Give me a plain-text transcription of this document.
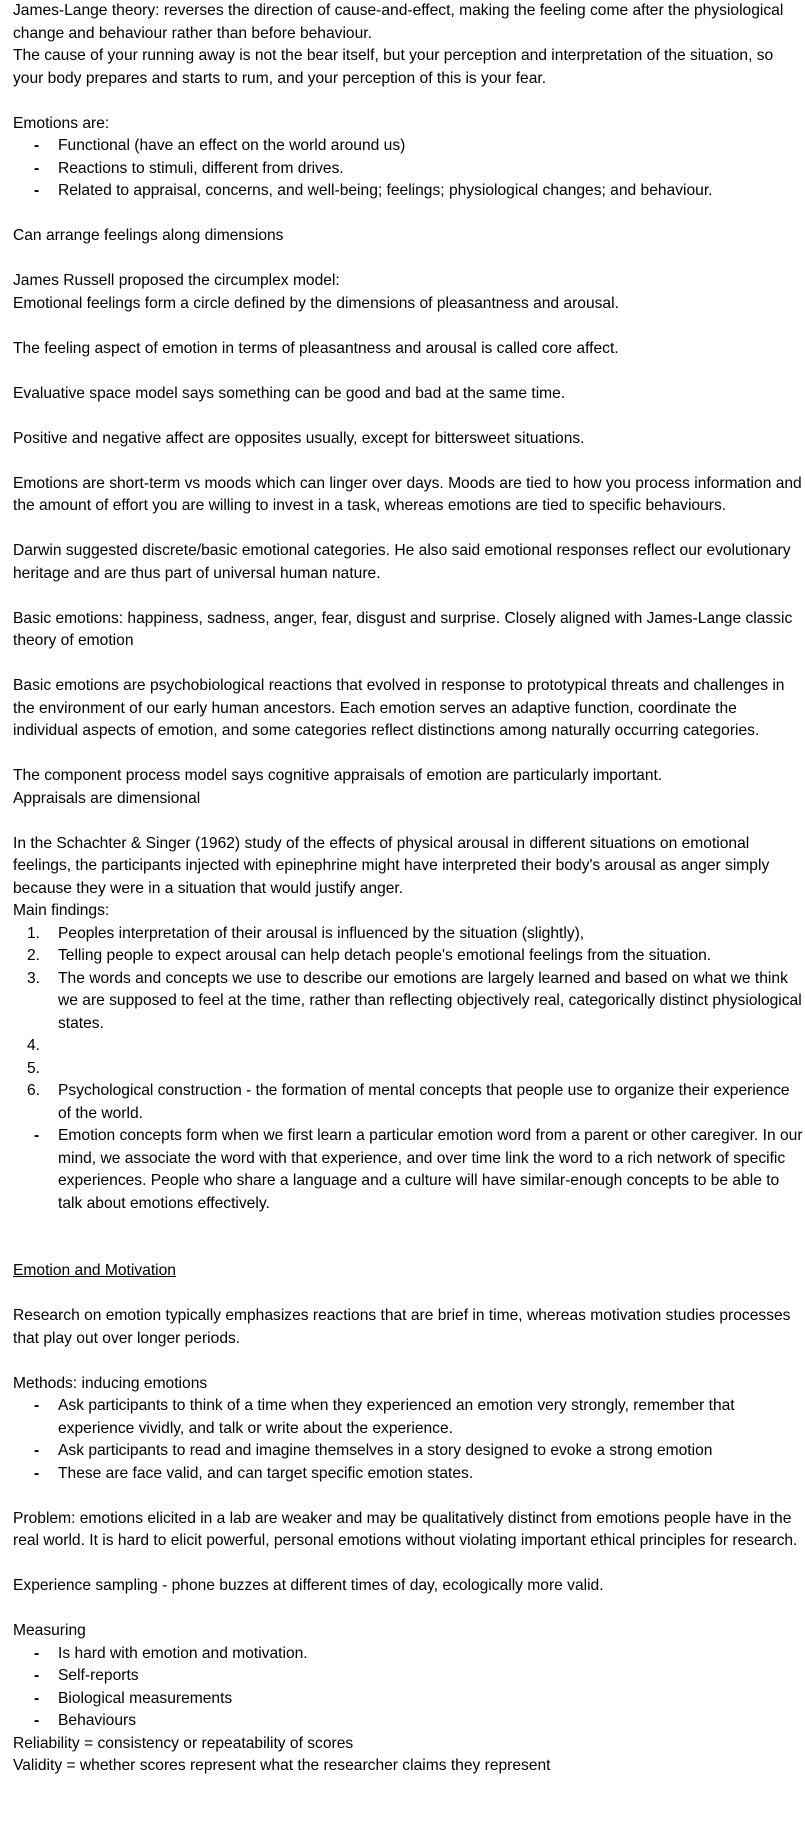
James-Lange theory: reverses the direction of cause-and-effect, making the feeling come after the physiological change and behaviour rather than before behaviour.

The cause of your running away is not the bear itself, but your perception and interpretation of the situation, so your body prepares and starts to rum, and your perception of this is your fear.

Emotions are:

-	Functional (have an effect on the world around us)
-	Reactions to stimuli, different from drives.
-	Related to appraisal, concerns, and well-being; feelings; physiological changes; and behaviour.

Can arrange feelings along dimensions

James Russell proposed the circumplex model:

Emotional feelings form a circle defined by the dimensions of pleasantness and arousal.

The feeling aspect of emotion in terms of pleasantness and arousal is called core affect.

Evaluative space model says something can be good and bad at the same time.

Positive and negative affect are opposites usually, except for bittersweet situations.

Emotions are short-term vs moods which can linger over days. Moods are tied to how you process information and the amount of effort you are willing to invest in a task, whereas emotions are tied to specific behaviours.

Darwin suggested discrete/basic emotional categories. He also said emotional responses reflect our evolutionary heritage and are thus part of universal human nature.

Basic emotions: happiness, sadness, anger, fear, disgust and surprise. Closely aligned with James-Lange classic theory of emotion

Basic emotions are psychobiological reactions that evolved in response to prototypical threats and challenges in the environment of our early human ancestors. Each emotion serves an adaptive function, coordinate the individual aspects of emotion, and some categories reflect distinctions among naturally occurring categories.

The component process model says cognitive appraisals of emotion are particularly important.

Appraisals are dimensional

In the Schachter & Singer (1962) study of the effects of physical arousal in different situations on emotional feelings, the participants injected with epinephrine might have interpreted their body's arousal as anger simply because they were in a situation that would justify anger.

Main findings:

1.	Peoples interpretation of their arousal is influenced by the situation (slightly),
2.	Telling people to expect arousal can help detach people's emotional feelings from the situation.
3.	The words and concepts we use to describe our emotions are largely learned and based on what we think we are supposed to feel at the time, rather than reflecting objectively real, categorically distinct physiological states.
4.
5.
6.	Psychological construction - the formation of mental concepts that people use to organize their experience of the world.
-	Emotion concepts form when we first learn a particular emotion word from a parent or other caregiver. In our mind, we associate the word with that experience, and over time link the word to a rich network of specific experiences. People who share a language and a culture will have similar-enough concepts to be able to talk about emotions effectively.

Emotion and Motivation

Research on emotion typically emphasizes reactions that are brief in time, whereas motivation studies processes that play out over longer periods.

Methods: inducing emotions

-	Ask participants to think of a time when they experienced an emotion very strongly, remember that experience vividly, and talk or write about the experience.
-	Ask participants to read and imagine themselves in a story designed to evoke a strong emotion
-	These are face valid, and can target specific emotion states.

Problem: emotions elicited in a lab are weaker and may be qualitatively distinct from emotions people have in the real world. It is hard to elicit powerful, personal emotions without violating important ethical principles for research.

Experience sampling - phone buzzes at different times of day, ecologically more valid.

Measuring

-	Is hard with emotion and motivation.
-	Self-reports
-	Biological measurements
-	Behaviours

Reliability = consistency or repeatability of scores

Validity = whether scores represent what the researcher claims they represent
